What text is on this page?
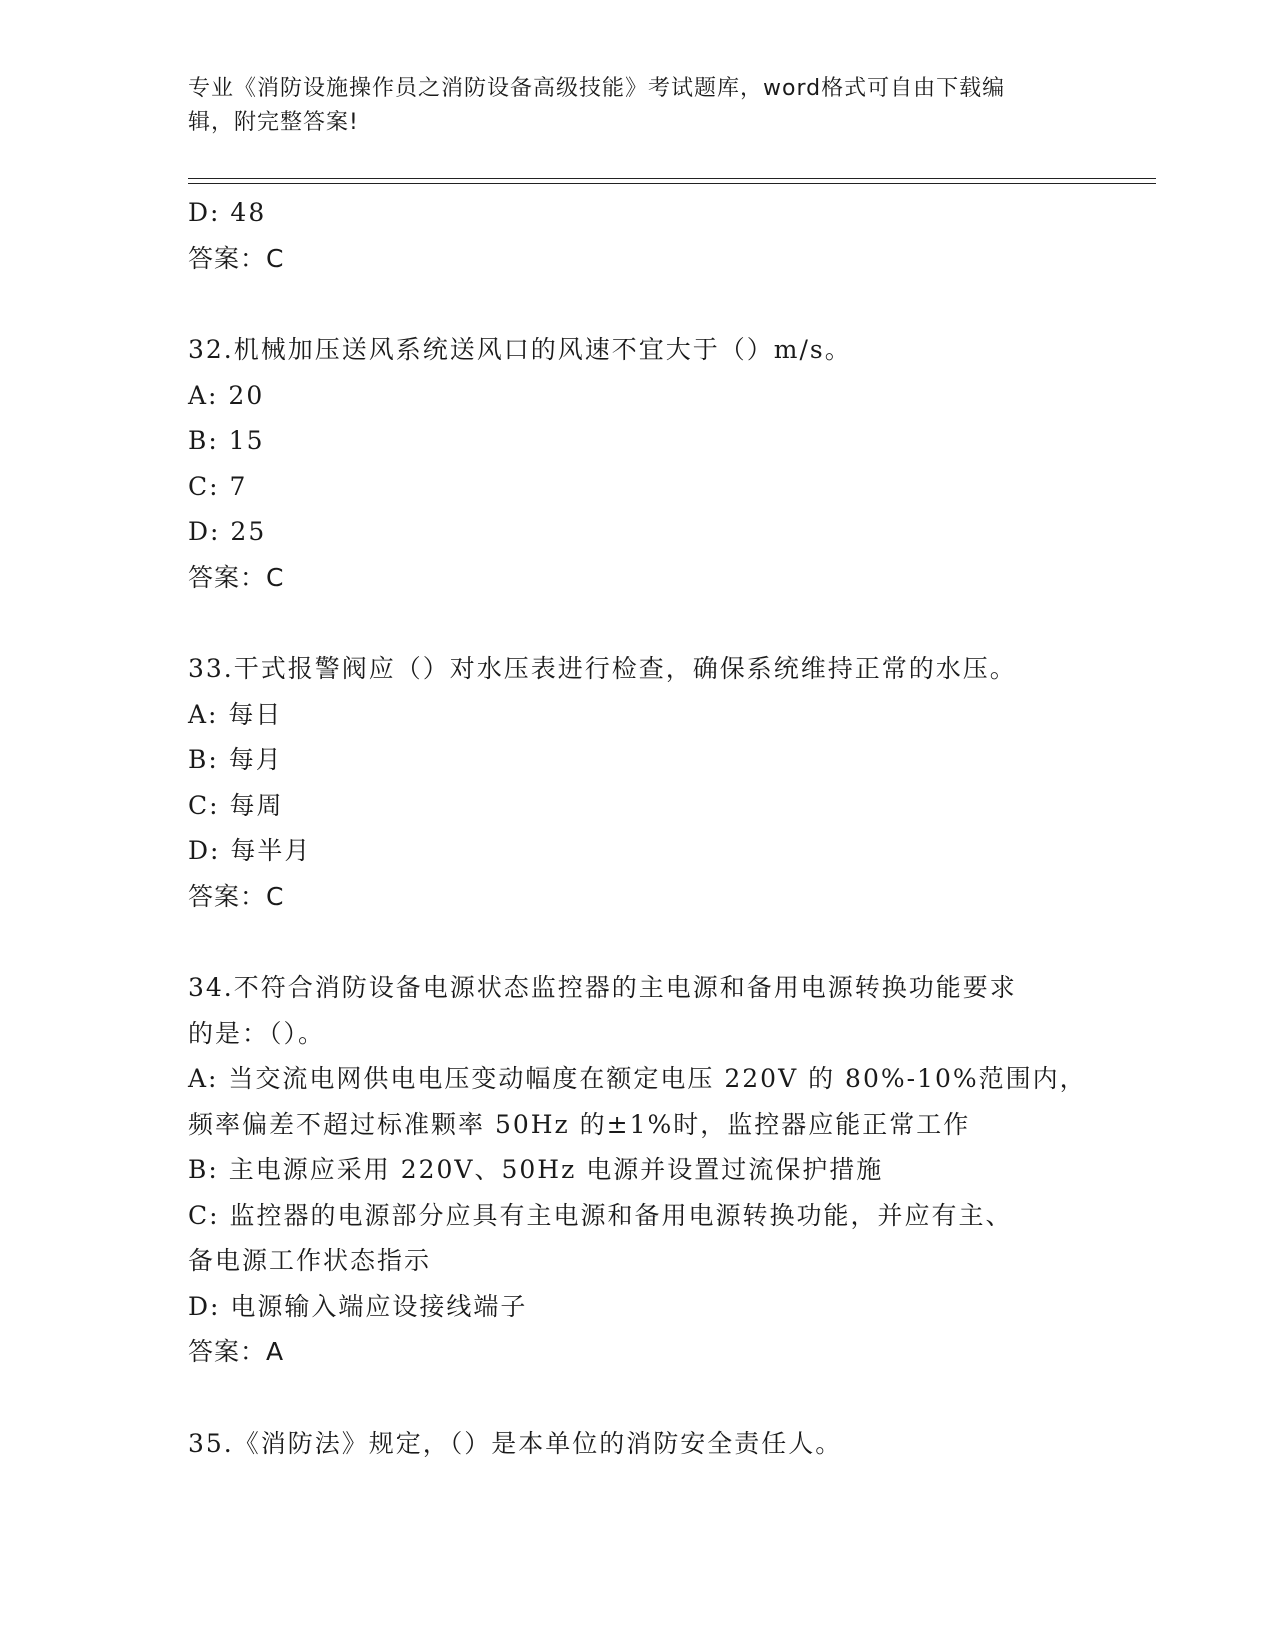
专业《消防设施操作员之消防设备高级技能》考试题库，word格式可自由下载编
辑，附完整答案!

D: 48

答案：C

32.机械加压送风系统送风口的风速不宜大于（）m/s。

A: 20

B: 15

C: 7

D: 25

答案：C

33.干式报警阀应（）对水压表进行检查，确保系统维持正常的水压。

A: 每日

B: 每月

C: 每周

D: 每半月

答案：C

34.不符合消防设备电源状态监控器的主电源和备用电源转换功能要求

的是：（）。

A: 当交流电网供电电压变动幅度在额定电压 220V 的 80%-10%范围内，

频率偏差不超过标准颗率 50Hz 的±1%时，监控器应能正常工作

B: 主电源应采用 220V、50Hz 电源并设置过流保护措施

C: 监控器的电源部分应具有主电源和备用电源转换功能，并应有主、

备电源工作状态指示

D: 电源输入端应设接线端子

答案：A

35.《消防法》规定，（）是本单位的消防安全责任人。
